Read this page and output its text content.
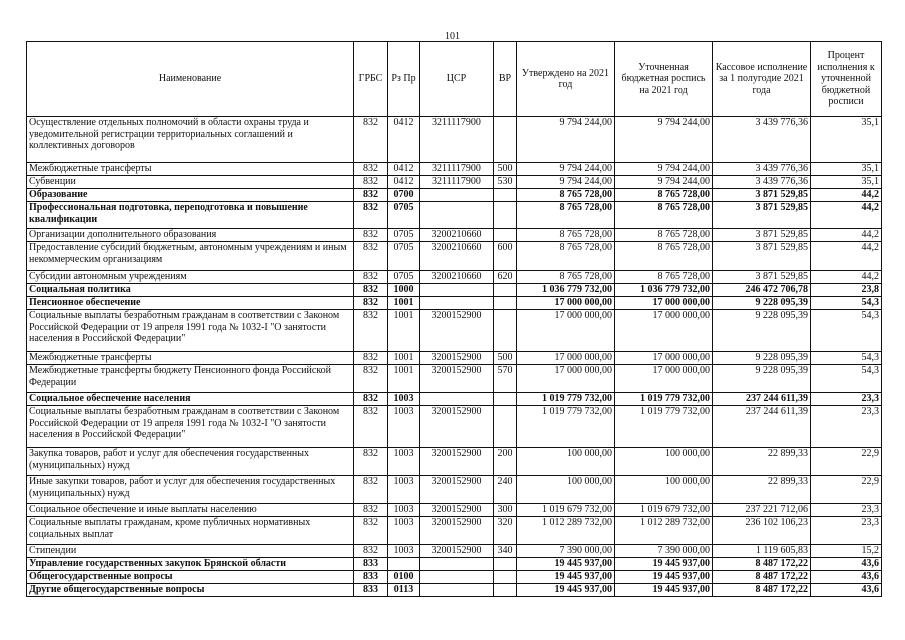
101
Наименование	ГРБС	Рз Пр	ЦСР	ВР	Утверждено на 2021 год	Уточненная бюджетная роспись на 2021 год	Кассовое исполнение за 1 полугодие 2021 года	Процент исполнения к уточненной бюджетной росписи
Осуществление отдельных полномочий в области охраны труда и уведомительной регистрации территориальных соглашений и коллективных договоров	832	0412	3211117900		9 794 244,00	9 794 244,00	3 439 776,36	35,1
Межбюджетные трансферты	832	0412	3211117900	500	9 794 244,00	9 794 244,00	3 439 776,36	35,1
Субвенции	832	0412	3211117900	530	9 794 244,00	9 794 244,00	3 439 776,36	35,1
Образование	832	0700			8 765 728,00	8 765 728,00	3 871 529,85	44,2
Профессиональная подготовка, переподготовка и повышение квалификации	832	0705			8 765 728,00	8 765 728,00	3 871 529,85	44,2
Организации дополнительного образования	832	0705	3200210660		8 765 728,00	8 765 728,00	3 871 529,85	44,2
Предоставление субсидий бюджетным, автономным учреждениям и иным некоммерческим организациям	832	0705	3200210660	600	8 765 728,00	8 765 728,00	3 871 529,85	44,2
Субсидии автономным учреждениям	832	0705	3200210660	620	8 765 728,00	8 765 728,00	3 871 529,85	44,2
Социальная политика	832	1000			1 036 779 732,00	1 036 779 732,00	246 472 706,78	23,8
Пенсионное обеспечение	832	1001			17 000 000,00	17 000 000,00	9 228 095,39	54,3
Социальные выплаты безработным гражданам в соответствии с Законом Российской Федерации от 19 апреля 1991 года № 1032-I "О занятости населения в Российской Федерации"	832	1001	3200152900		17 000 000,00	17 000 000,00	9 228 095,39	54,3
Межбюджетные трансферты	832	1001	3200152900	500	17 000 000,00	17 000 000,00	9 228 095,39	54,3
Межбюджетные трансферты бюджету Пенсионного фонда Российской Федерации	832	1001	3200152900	570	17 000 000,00	17 000 000,00	9 228 095,39	54,3
Социальное обеспечение населения	832	1003			1 019 779 732,00	1 019 779 732,00	237 244 611,39	23,3
Социальные выплаты безработным гражданам в соответствии с Законом Российской Федерации от 19 апреля 1991 года № 1032-I "О занятости населения в Российской Федерации"	832	1003	3200152900		1 019 779 732,00	1 019 779 732,00	237 244 611,39	23,3
Закупка товаров, работ и услуг для обеспечения государственных (муниципальных) нужд	832	1003	3200152900	200	100 000,00	100 000,00	22 899,33	22,9
Иные закупки товаров, работ и услуг для обеспечения государственных (муниципальных) нужд	832	1003	3200152900	240	100 000,00	100 000,00	22 899,33	22,9
Социальное обеспечение и иные выплаты населению	832	1003	3200152900	300	1 019 679 732,00	1 019 679 732,00	237 221 712,06	23,3
Социальные выплаты гражданам, кроме публичных нормативных социальных выплат	832	1003	3200152900	320	1 012 289 732,00	1 012 289 732,00	236 102 106,23	23,3
Стипендии	832	1003	3200152900	340	7 390 000,00	7 390 000,00	1 119 605,83	15,2
Управление государственных закупок Брянской области	833				19 445 937,00	19 445 937,00	8 487 172,22	43,6
Общегосударственные вопросы	833	0100			19 445 937,00	19 445 937,00	8 487 172,22	43,6
Другие общегосударственные вопросы	833	0113			19 445 937,00	19 445 937,00	8 487 172,22	43,6
